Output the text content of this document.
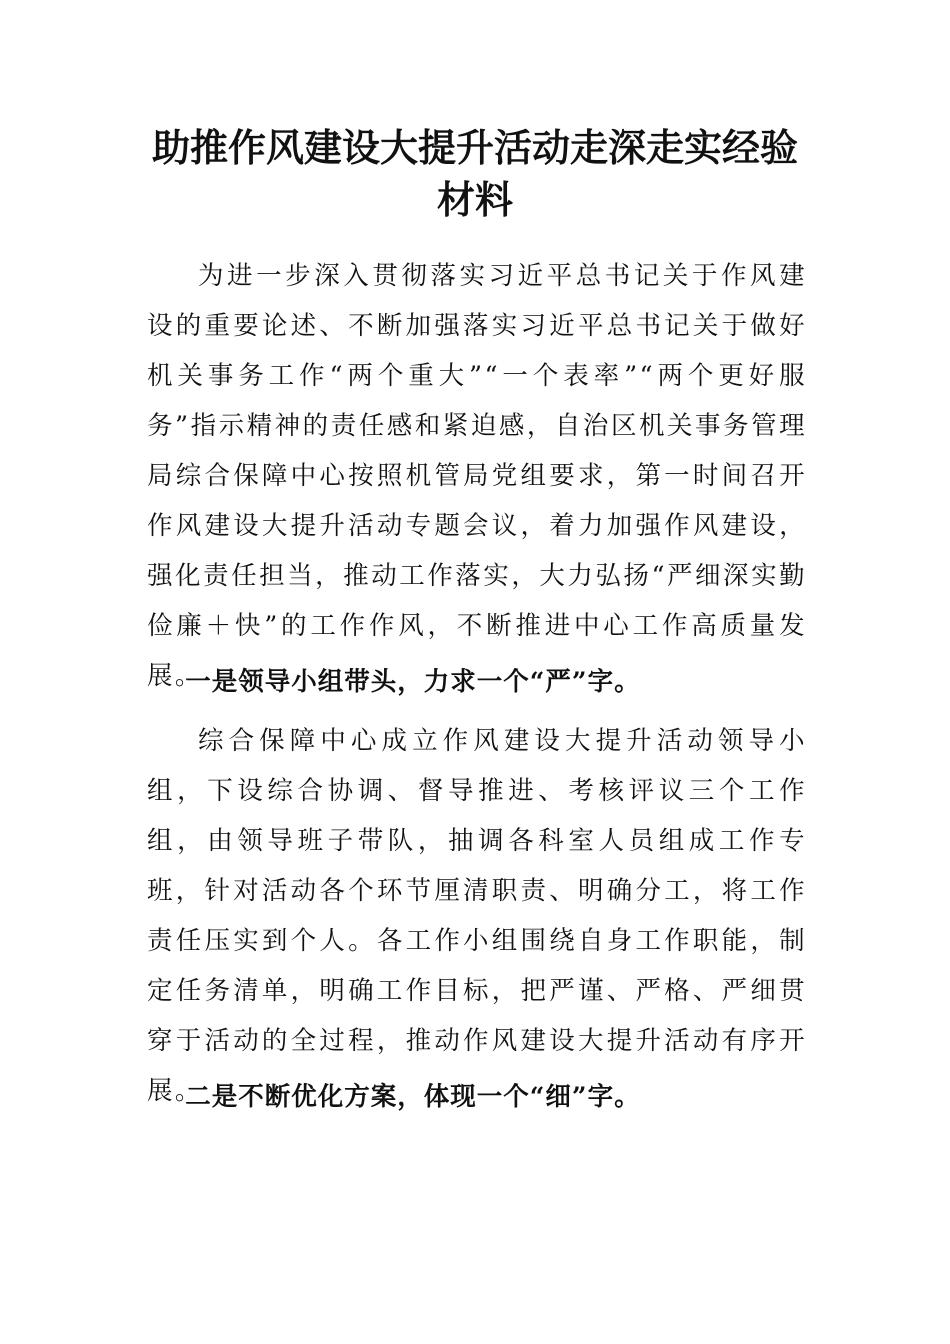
助推作风建设大提升活动走深走实经验材料

为进一步深入贯彻落实习近平总书记关于作风建设的重要论述、不断加强落实习近平总书记关于做好机关事务工作“两个重大”“一个表率”“两个更好服务”指示精神的责任感和紧迫感，自治区机关事务管理局综合保障中心按照机管局党组要求，第一时间召开作风建设大提升活动专题会议，着力加强作风建设，强化责任担当，推动工作落实，大力弘扬“严细深实勤俭廉＋快”的工作作风，不断推进中心工作高质量发展。

一是领导小组带头，力求一个“严”字。

综合保障中心成立作风建设大提升活动领导小组，下设综合协调、督导推进、考核评议三个工作组，由领导班子带队，抽调各科室人员组成工作专班，针对活动各个环节厘清职责、明确分工，将工作责任压实到个人。各工作小组围绕自身工作职能，制定任务清单，明确工作目标，把严谨、严格、严细贯穿于活动的全过程，推动作风建设大提升活动有序开展。

二是不断优化方案，体现一个“细”字。
